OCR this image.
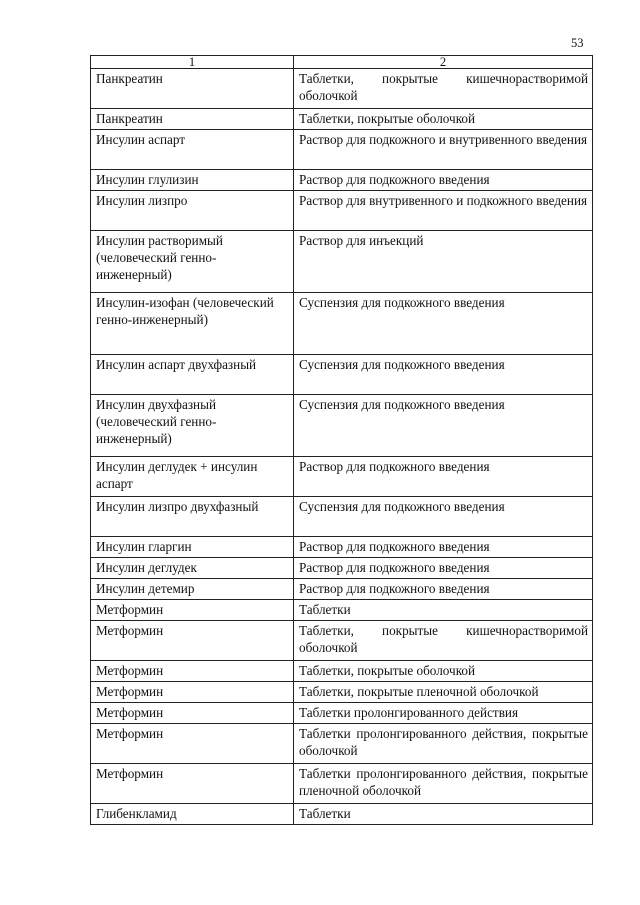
53
1	2
Панкреатин	Таблетки, покрытые кишечнорастворимой оболочкой
Панкреатин	Таблетки, покрытые оболочкой
Инсулин аспарт	Раствор для подкожного и внутривенного введения
Инсулин глулизин	Раствор для подкожного введения
Инсулин лизпро	Раствор для внутривенного и подкожного введения
Инсулин растворимый (человеческий генно-инженерный)	Раствор для инъекций
Инсулин-изофан (человеческий генно-инженерный)	Суспензия для подкожного введения
Инсулин аспарт двухфазный	Суспензия для подкожного введения
Инсулин двухфазный (человеческий генно-инженерный)	Суспензия для подкожного введения
Инсулин деглудек + инсулин аспарт	Раствор для подкожного введения
Инсулин лизпро двухфазный	Суспензия для подкожного введения
Инсулин гларгин	Раствор для подкожного введения
Инсулин деглудек	Раствор для подкожного введения
Инсулин детемир	Раствор для подкожного введения
Метформин	Таблетки
Метформин	Таблетки, покрытые кишечнорастворимой оболочкой
Метформин	Таблетки, покрытые оболочкой
Метформин	Таблетки, покрытые пленочной оболочкой
Метформин	Таблетки пролонгированного действия
Метформин	Таблетки пролонгированного действия, покрытые оболочкой
Метформин	Таблетки пролонгированного действия, покрытые пленочной оболочкой
Глибенкламид	Таблетки
